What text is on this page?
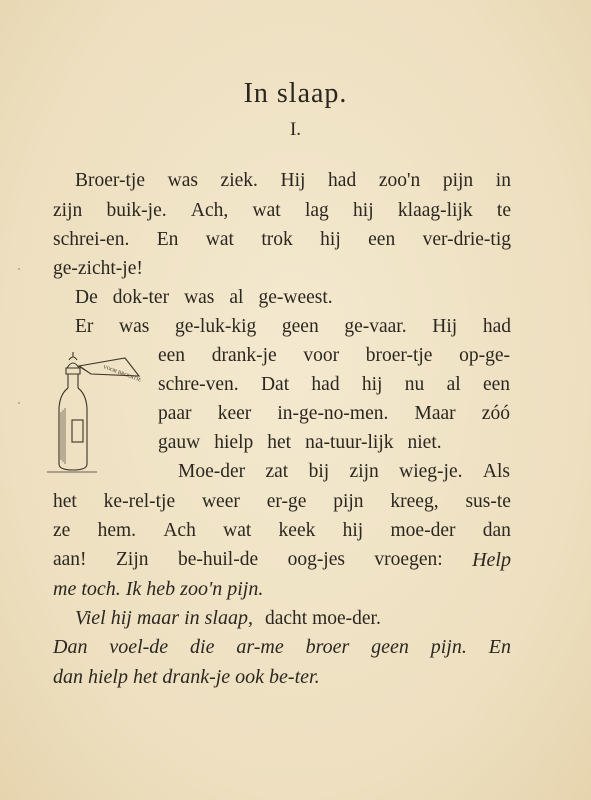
In slaap.
I.
Broer-tje was ziek. Hij had zoo'n pijn in
zijn buik-je. Ach, wat lag hij klaag-lijk te
schrei-en. En wat trok hij een ver-drie-tig
ge-zicht-je!
De dok-ter was al ge-weest.
Er was ge-luk-kig geen ge-vaar. Hij had
een drank-je voor broer-tje op-ge-
schre-ven. Dat had hij nu al een
paar keer in-ge-no-men. Maar zóó
gauw hielp het na-tuur-lijk niet.
Moe-der zat bij zijn wieg-je. Als
het ke-rel-tje weer er-ge pijn kreeg, sus-te
ze hem. Ach wat keek hij moe-der dan
aan! Zijn be-huil-de oog-jes vroegen: Help
me toch. Ik heb zoo'n pijn.
Viel hij maar in slaap, dacht moe-der.
Dan voel-de die ar-me broer geen pijn. En
dan hielp het drank-je ook be-ter.
VOOR BROERTJE
